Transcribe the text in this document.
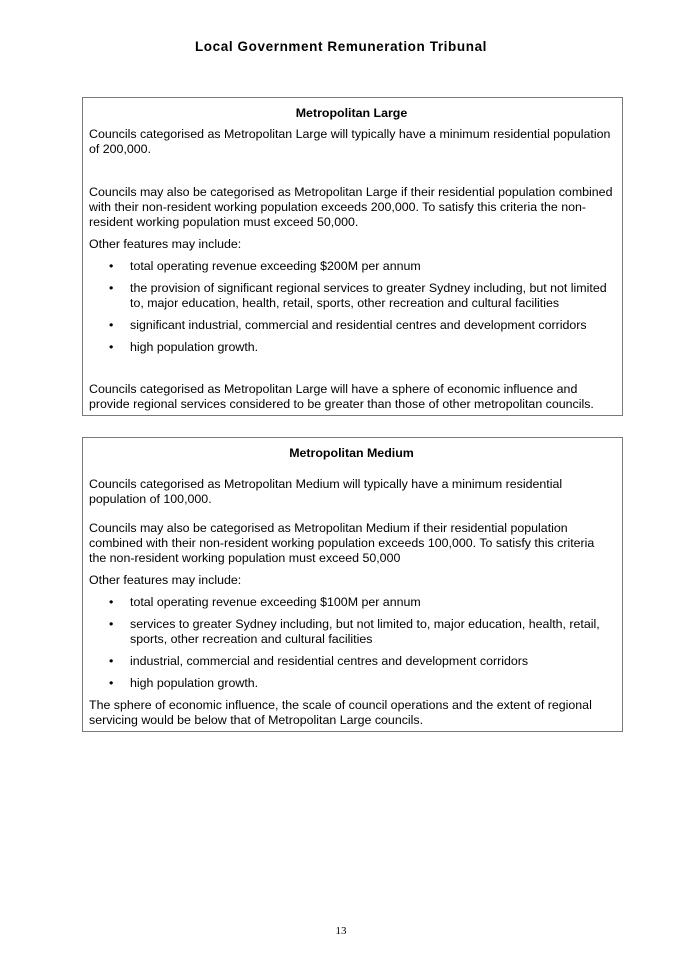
Local Government Remuneration Tribunal

Metropolitan Large

Councils categorised as Metropolitan Large will typically have a minimum residential population of 200,000.

Councils may also be categorised as Metropolitan Large if their residential population combined with their non-resident working population exceeds 200,000. To satisfy this criteria the non-resident working population must exceed 50,000.

Other features may include:

• total operating revenue exceeding $200M per annum
• the provision of significant regional services to greater Sydney including, but not limited to, major education, health, retail, sports, other recreation and cultural facilities
• significant industrial, commercial and residential centres and development corridors
• high population growth.

Councils categorised as Metropolitan Large will have a sphere of economic influence and provide regional services considered to be greater than those of other metropolitan councils.

Metropolitan Medium

Councils categorised as Metropolitan Medium will typically have a minimum residential population of 100,000.

Councils may also be categorised as Metropolitan Medium if their residential population combined with their non-resident working population exceeds 100,000. To satisfy this criteria the non-resident working population must exceed 50,000

Other features may include:

• total operating revenue exceeding $100M per annum
• services to greater Sydney including, but not limited to, major education, health, retail, sports, other recreation and cultural facilities
• industrial, commercial and residential centres and development corridors
• high population growth.

The sphere of economic influence, the scale of council operations and the extent of regional servicing would be below that of Metropolitan Large councils.

13
